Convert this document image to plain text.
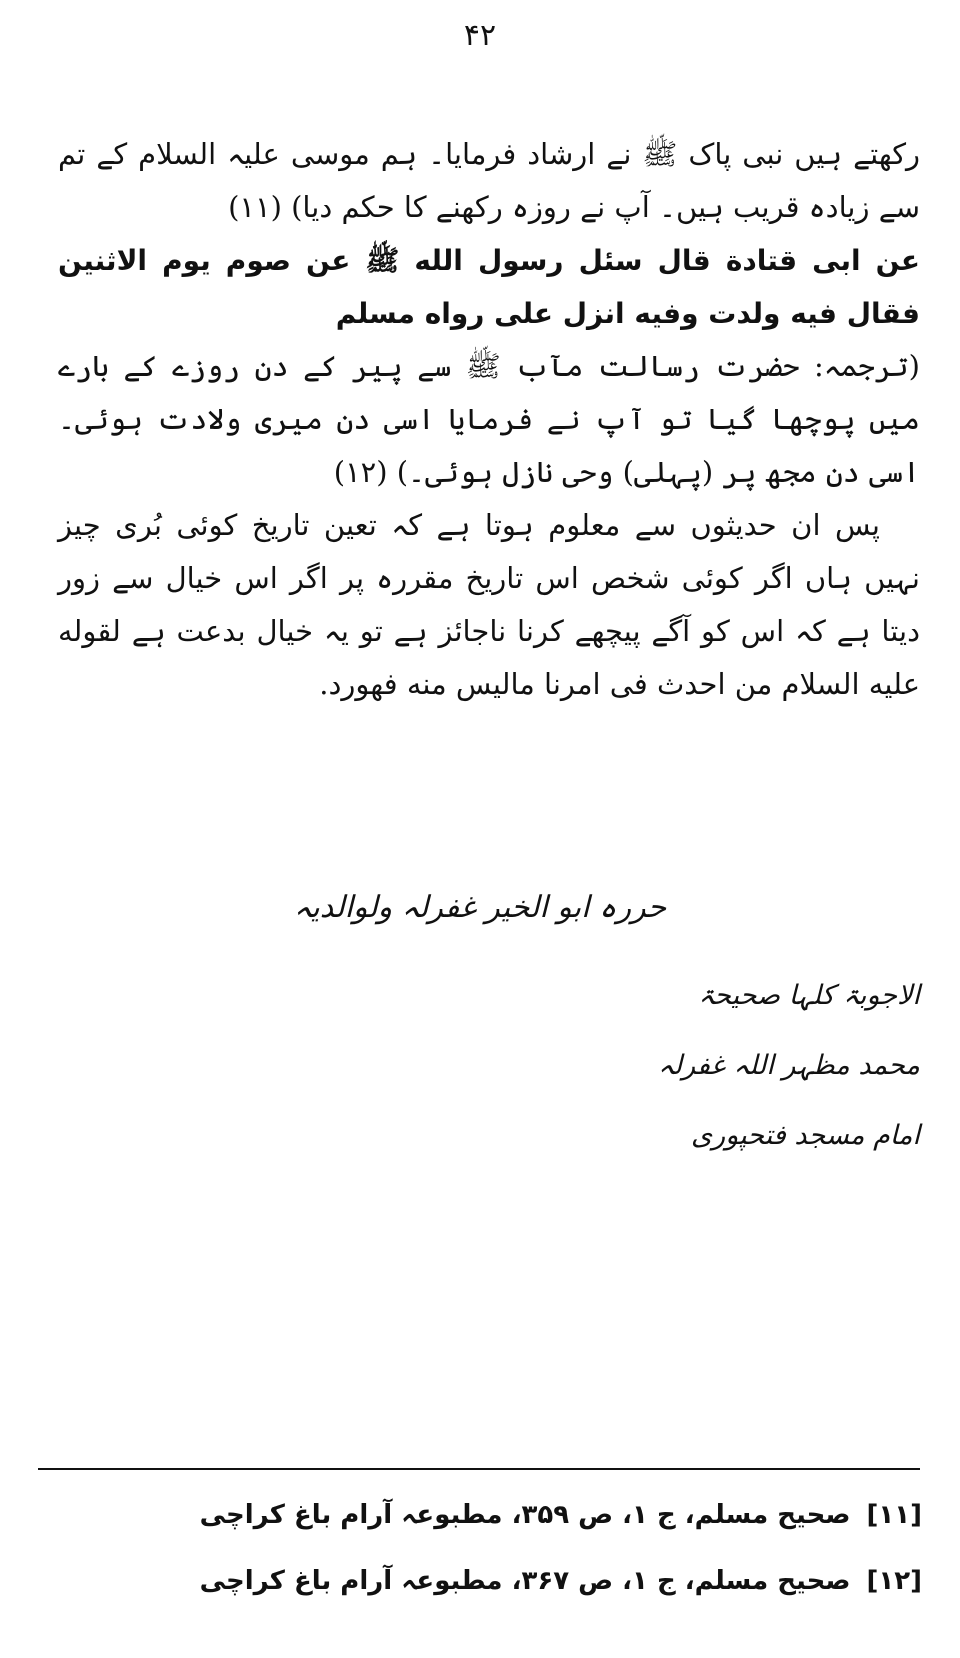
۴۲

رکھتے ہیں نبی پاک ﷺ نے ارشاد فرمایا۔ ہم موسی علیہ السلام کے تم سے زیادہ قریب ہیں۔ آپ نے روزہ رکھنے کا حکم دیا) (۱۱)

عن ابی قتادة قال سئل رسول الله ﷺ عن صوم یوم الاثنین فقال فیه ولدت وفیه انزل علی رواه مسلم

(ترجمہ: حضرت رسالت مآب ﷺ سے پیر کے دن روزے کے بارے میں پوچھا گیا تو آپ نے فرمایا اسی دن میری ولادت ہوئی۔ اسی دن مجھ پر (پہلی) وحی نازل ہوئی۔) (۱۲)

پس ان حدیثوں سے معلوم ہوتا ہے کہ تعین تاریخ کوئی بُری چیز نہیں ہاں اگر کوئی شخص اس تاریخ مقررہ پر اگر اس خیال سے زور دیتا ہے کہ اس کو آگے پیچھے کرنا ناجائز ہے تو یہ خیال بدعت ہے لقوله علیه السلام من احدث فی امرنا مالیس منه فهورد.

حررہ ابو الخیر غفرلہ ولوالدیہ
الاجوبۃ کلہا صحیحۃ
محمد مظہر اللہ غفرلہ
امام مسجد فتحپوری
[۱۱]صحیح مسلم، ج ۱، ص ۳۵۹، مطبوعہ آرام باغ کراچی
[۱۲]صحیح مسلم، ج ۱، ص ۳۶۷، مطبوعہ آرام باغ کراچی
